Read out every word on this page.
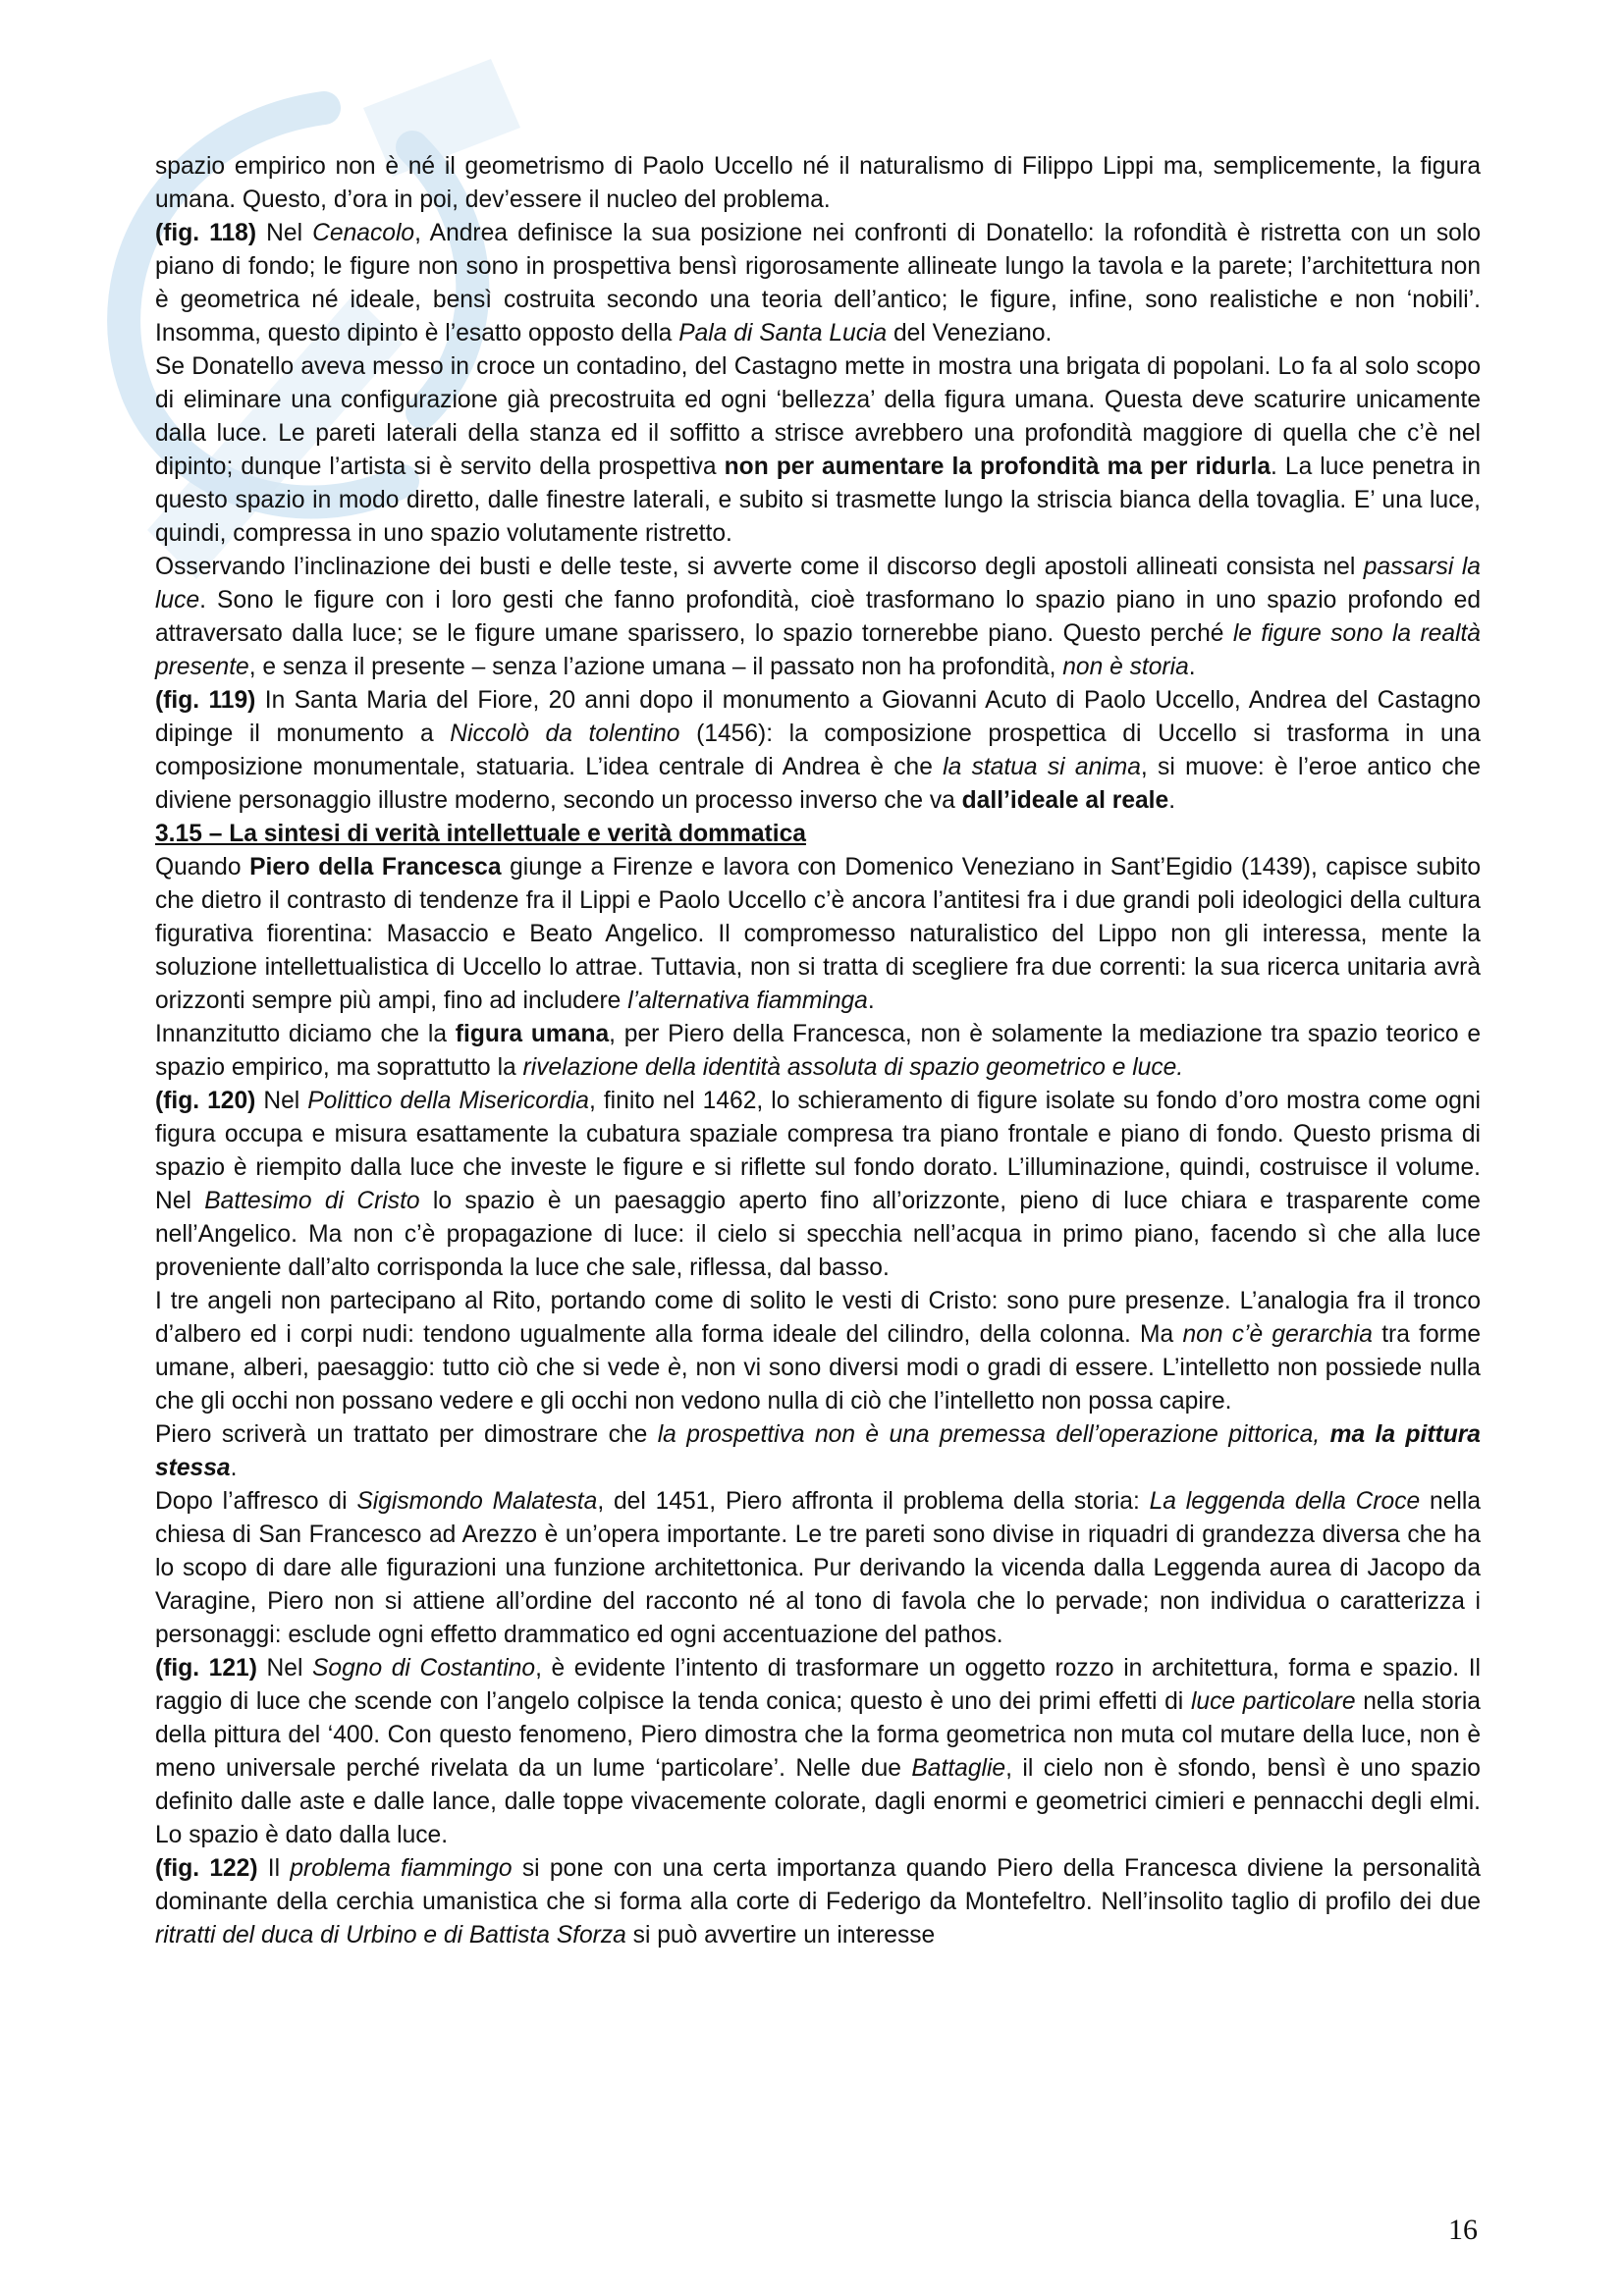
spazio empirico non è né il geometrismo di Paolo Uccello né il naturalismo di Filippo Lippi ma, semplicemente, la figura umana. Questo, d’ora in poi, dev’essere il nucleo del problema.

(fig. 118) Nel Cenacolo, Andrea definisce la sua posizione nei confronti di Donatello: la rofondità è ristretta con un solo piano di fondo; le figure non sono in prospettiva bensì rigorosamente allineate lungo la tavola e la parete; l’architettura non è geometrica né ideale, bensì costruita secondo una teoria dell’antico; le figure, infine, sono realistiche e non ‘nobili’. Insomma, questo dipinto è l’esatto opposto della Pala di Santa Lucia del Veneziano.

Se Donatello aveva messo in croce un contadino, del Castagno mette in mostra una brigata di popolani. Lo fa al solo scopo di eliminare una configurazione già precostruita ed ogni ‘bellezza’ della figura umana. Questa deve scaturire unicamente dalla luce. Le pareti laterali della stanza ed il soffitto a strisce avrebbero una profondità maggiore di quella che c’è nel dipinto; dunque l’artista si è servito della prospettiva non per aumentare la profondità ma per ridurla. La luce penetra in questo spazio in modo diretto, dalle finestre laterali, e subito si trasmette lungo la striscia bianca della tovaglia. E’ una luce, quindi, compressa in uno spazio volutamente ristretto.

Osservando l’inclinazione dei busti e delle teste, si avverte come il discorso degli apostoli allineati consista nel passarsi la luce. Sono le figure con i loro gesti che fanno profondità, cioè trasformano lo spazio piano in uno spazio profondo ed attraversato dalla luce; se le figure umane sparissero, lo spazio tornerebbe piano. Questo perché le figure sono la realtà presente, e senza il presente – senza l’azione umana – il passato non ha profondità, non è storia.

(fig. 119) In Santa Maria del Fiore, 20 anni dopo il monumento a Giovanni Acuto di Paolo Uccello, Andrea del Castagno dipinge il monumento a Niccolò da tolentino (1456): la composizione prospettica di Uccello si trasforma in una composizione monumentale, statuaria. L’idea centrale di Andrea è che la statua si anima, si muove: è l’eroe antico che diviene personaggio illustre moderno, secondo un processo inverso che va dall’ideale al reale.

3.15 – La sintesi di verità intellettuale e verità dommatica

Quando Piero della Francesca giunge a Firenze e lavora con Domenico Veneziano in Sant’Egidio (1439), capisce subito che dietro il contrasto di tendenze fra il Lippi e Paolo Uccello c’è ancora l’antitesi fra i due grandi poli ideologici della cultura figurativa fiorentina: Masaccio e Beato Angelico. Il compromesso naturalistico del Lippo non gli interessa, mente la soluzione intellettualistica di Uccello lo attrae. Tuttavia, non si tratta di scegliere fra due correnti: la sua ricerca unitaria avrà orizzonti sempre più ampi, fino ad includere l’alternativa fiamminga.

Innanzitutto diciamo che la figura umana, per Piero della Francesca, non è solamente la mediazione tra spazio teorico e spazio empirico, ma soprattutto la rivelazione della identità assoluta di spazio geometrico e luce.

(fig. 120) Nel Polittico della Misericordia, finito nel 1462, lo schieramento di figure isolate su fondo d’oro mostra come ogni figura occupa e misura esattamente la cubatura spaziale compresa tra piano frontale e piano di fondo. Questo prisma di spazio è riempito dalla luce che investe le figure e si riflette sul fondo dorato. L’illuminazione, quindi, costruisce il volume. Nel Battesimo di Cristo lo spazio è un paesaggio aperto fino all’orizzonte, pieno di luce chiara e trasparente come nell’Angelico. Ma non c’è propagazione di luce: il cielo si specchia nell’acqua in primo piano, facendo sì che alla luce proveniente dall’alto corrisponda la luce che sale, riflessa, dal basso.

I tre angeli non partecipano al Rito, portando come di solito le vesti di Cristo: sono pure presenze. L’analogia fra il tronco d’albero ed i corpi nudi: tendono ugualmente alla forma ideale del cilindro, della colonna. Ma non c’è gerarchia tra forme umane, alberi, paesaggio: tutto ciò che si vede è, non vi sono diversi modi o gradi di essere. L’intelletto non possiede nulla che gli occhi non possano vedere e gli occhi non vedono nulla di ciò che l’intelletto non possa capire.

Piero scriverà un trattato per dimostrare che la prospettiva non è una premessa dell’operazione pittorica, ma la pittura stessa.

Dopo l’affresco di Sigismondo Malatesta, del 1451, Piero affronta il problema della storia: La leggenda della Croce nella chiesa di San Francesco ad Arezzo è un’opera importante. Le tre pareti sono divise in riquadri di grandezza diversa che ha lo scopo di dare alle figurazioni una funzione architettonica. Pur derivando la vicenda dalla Leggenda aurea di Jacopo da Varagine, Piero non si attiene all’ordine del racconto né al tono di favola che lo pervade; non individua o caratterizza i personaggi: esclude ogni effetto drammatico ed ogni accentuazione del pathos.

(fig. 121) Nel Sogno di Costantino, è evidente l’intento di trasformare un oggetto rozzo in architettura, forma e spazio. Il raggio di luce che scende con l’angelo colpisce la tenda conica; questo è uno dei primi effetti di luce particolare nella storia della pittura del ‘400. Con questo fenomeno, Piero dimostra che la forma geometrica non muta col mutare della luce, non è meno universale perché rivelata da un lume ‘particolare’. Nelle due Battaglie, il cielo non è sfondo, bensì è uno spazio definito dalle aste e dalle lance, dalle toppe vivacemente colorate, dagli enormi e geometrici cimieri e pennacchi degli elmi. Lo spazio è dato dalla luce.

(fig. 122) Il problema fiammingo si pone con una certa importanza quando Piero della Francesca diviene la personalità dominante della cerchia umanistica che si forma alla corte di Federigo da Montefeltro. Nell’insolito taglio di profilo dei due ritratti del duca di Urbino e di Battista Sforza si può avvertire un interesse

16
